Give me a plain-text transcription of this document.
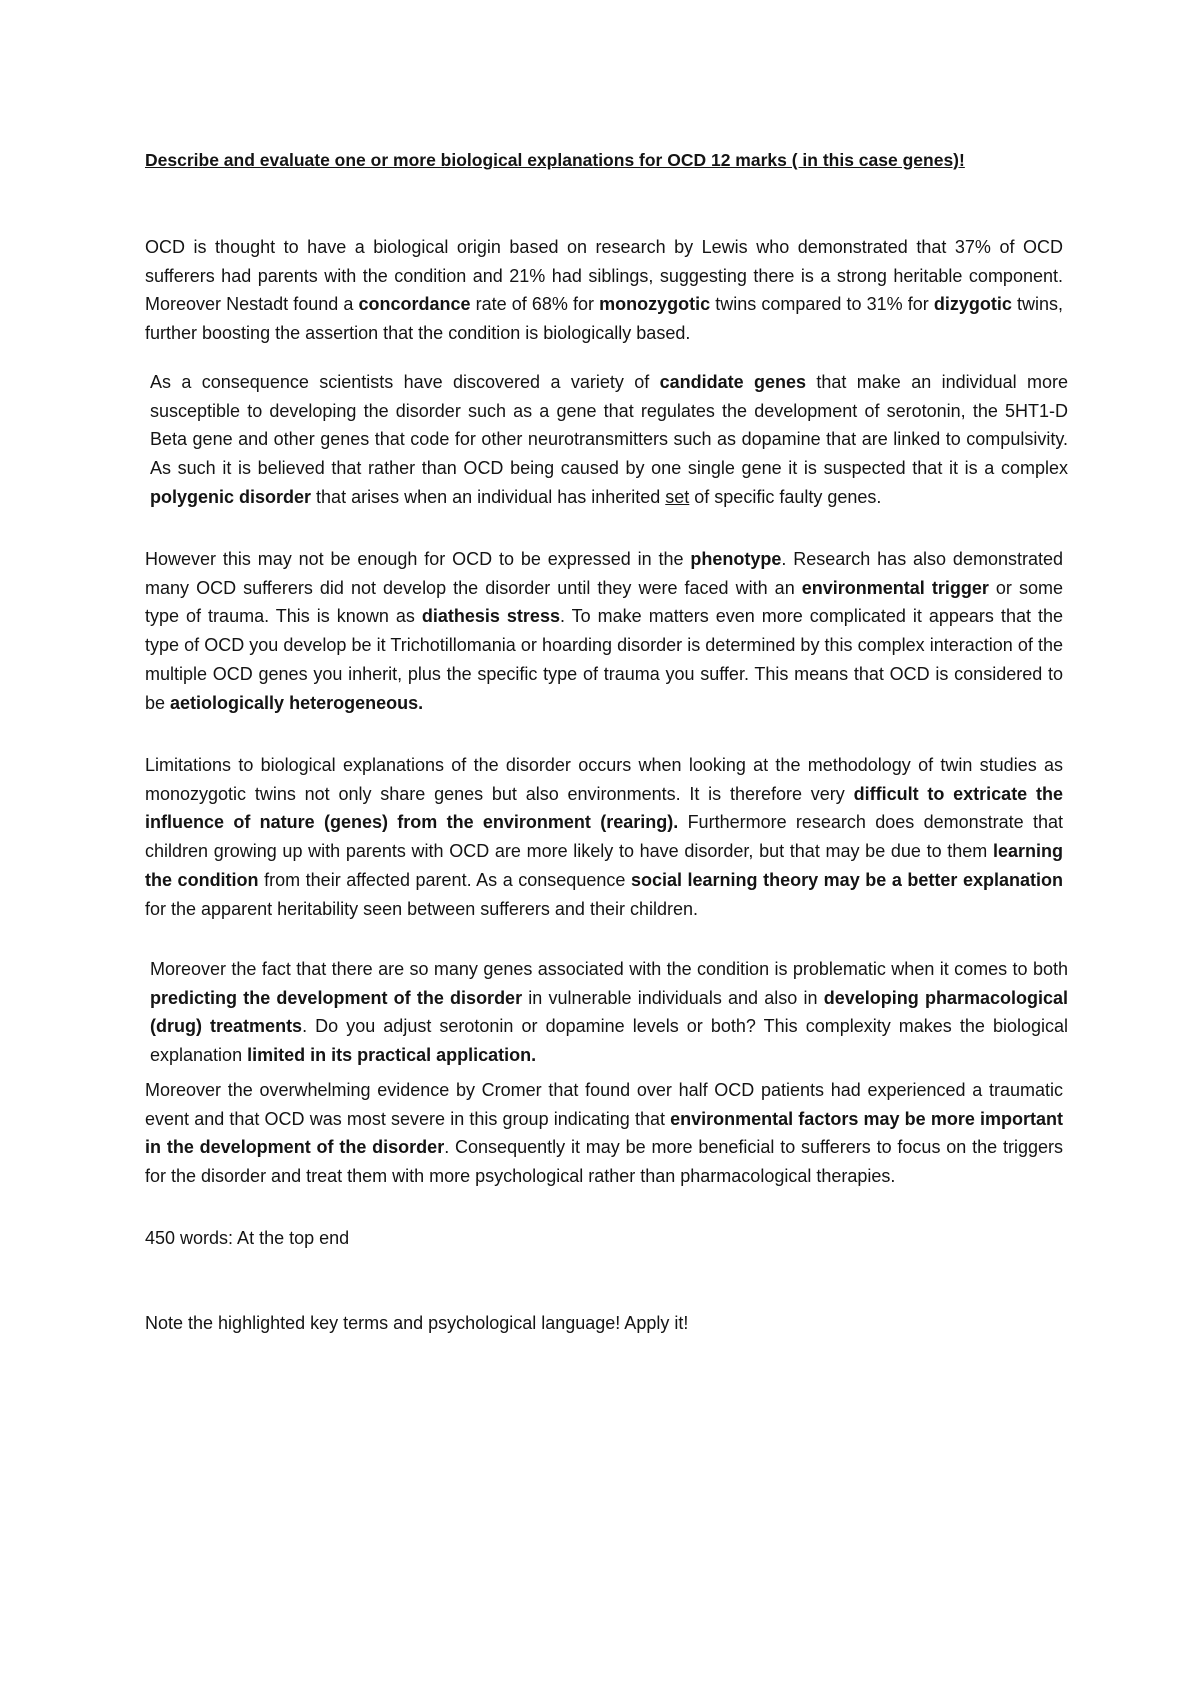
Describe and evaluate one or more biological explanations for OCD 12 marks ( in this case genes)!

OCD is thought to have a biological origin based on research by Lewis who demonstrated that 37% of OCD sufferers had parents with the condition and 21% had siblings, suggesting there is a strong heritable component. Moreover Nestadt found a concordance rate of 68% for monozygotic twins compared to 31% for dizygotic twins, further boosting the assertion that the condition is biologically based.

As a consequence scientists have discovered a variety of candidate genes that make an individual more susceptible to developing the disorder such as a gene that regulates the development of serotonin, the 5HT1-D Beta gene and other genes that code for other neurotransmitters such as dopamine that are linked to compulsivity. As such it is believed that rather than OCD being caused by one single gene it is suspected that it is a complex polygenic disorder that arises when an individual has inherited set of specific faulty genes.

However this may not be enough for OCD to be expressed in the phenotype. Research has also demonstrated many OCD sufferers did not develop the disorder until they were faced with an environmental trigger or some type of trauma. This is known as diathesis stress. To make matters even more complicated it appears that the type of OCD you develop be it Trichotillomania or hoarding disorder is determined by this complex interaction of the multiple OCD genes you inherit, plus the specific type of trauma you suffer. This means that OCD is considered to be aetiologically heterogeneous.

Limitations to biological explanations of the disorder occurs when looking at the methodology of twin studies as monozygotic twins not only share genes but also environments. It is therefore very difficult to extricate the influence of nature (genes) from the environment (rearing). Furthermore research does demonstrate that children growing up with parents with OCD are more likely to have disorder, but that may be due to them learning the condition from their affected parent. As a consequence social learning theory may be a better explanation for the apparent heritability seen between sufferers and their children.

Moreover the fact that there are so many genes associated with the condition is problematic when it comes to both predicting the development of the disorder in vulnerable individuals and also in developing pharmacological (drug) treatments. Do you adjust serotonin or dopamine levels or both? This complexity makes the biological explanation limited in its practical application.

Moreover the overwhelming evidence by Cromer that found over half OCD patients had experienced a traumatic event and that OCD was most severe in this group indicating that environmental factors may be more important in the development of the disorder. Consequently it may be more beneficial to sufferers to focus on the triggers for the disorder and treat them with more psychological rather than pharmacological therapies.

450 words: At the top end

Note the highlighted key terms and psychological language! Apply it!
